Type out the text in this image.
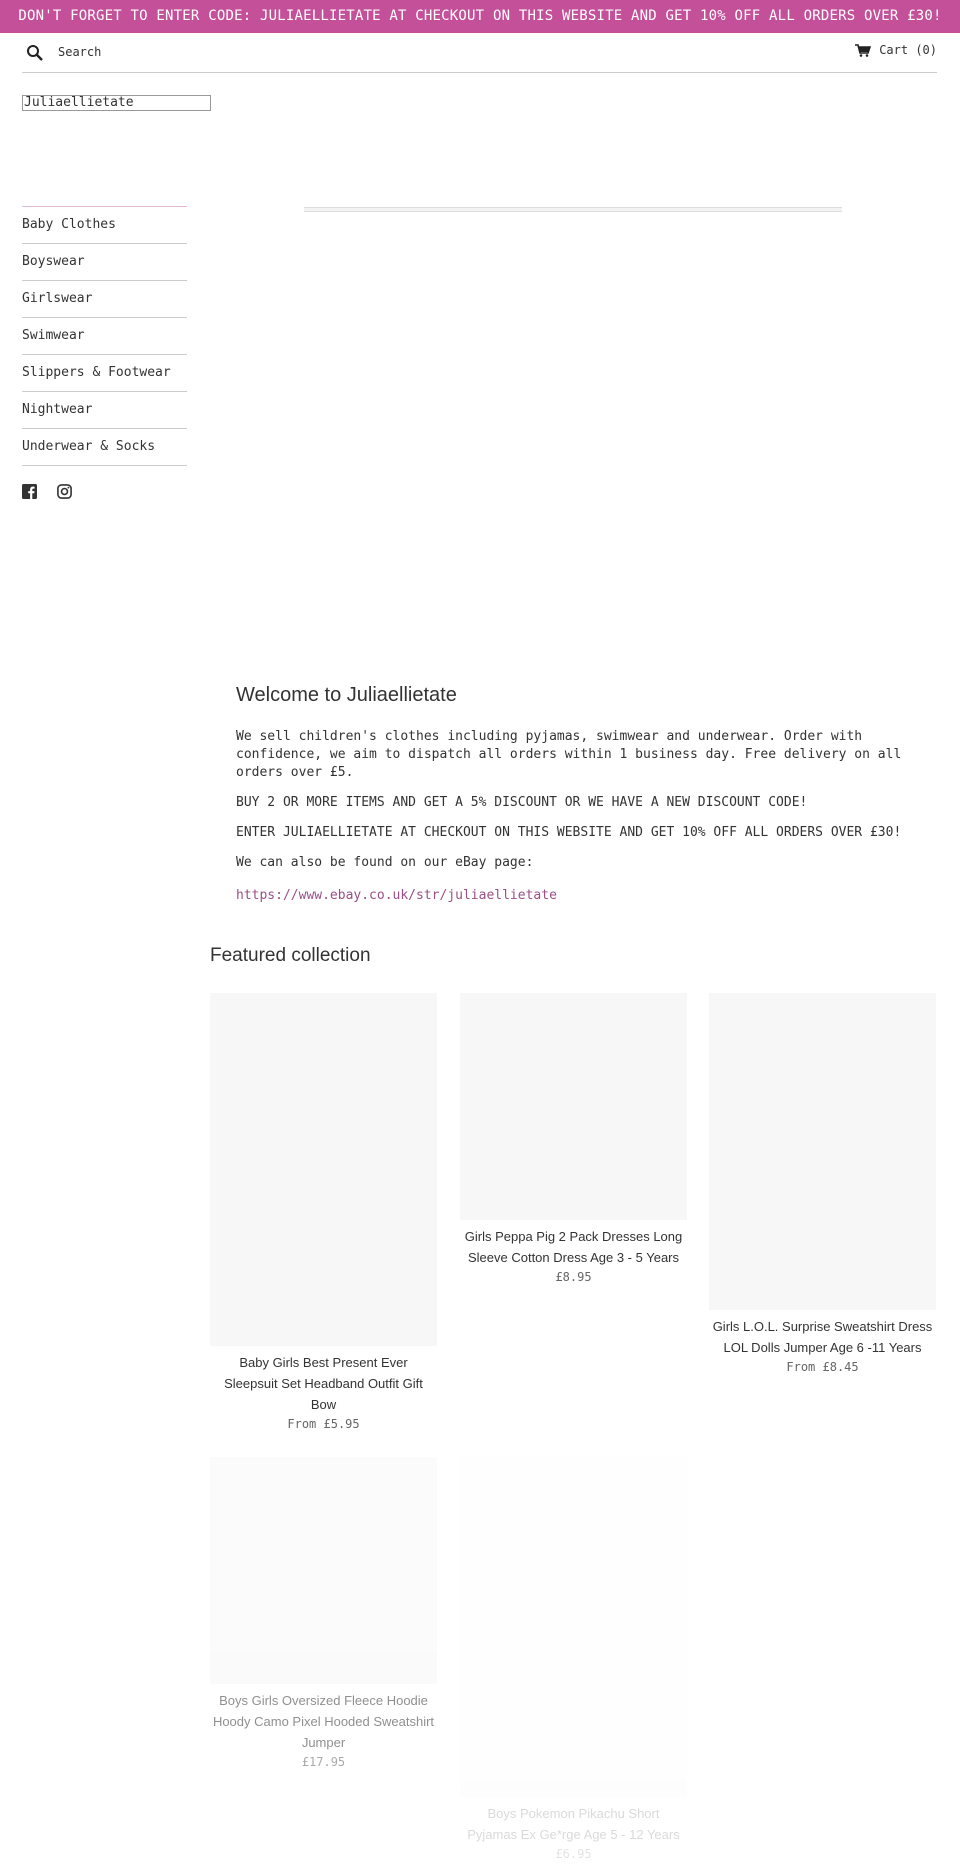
DON'T FORGET TO ENTER CODE: JULIAELLIETATE AT CHECKOUT ON THIS WEBSITE AND GET 10% OFF ALL ORDERS OVER £30!
Search
Cart (0)
Juliaellietate
Baby Clothes
Boyswear
Girlswear
Swimwear
Slippers & Footwear
Nightwear
Underwear & Socks

Welcome to Juliaellietate

We sell children's clothes including pyjamas, swimwear and underwear. Order with confidence, we aim to dispatch all orders within 1 business day. Free delivery on all orders over £5.

BUY 2 OR MORE ITEMS AND GET A 5% DISCOUNT OR WE HAVE A NEW DISCOUNT CODE!

ENTER JULIAELLIETATE AT CHECKOUT ON THIS WEBSITE AND GET 10% OFF ALL ORDERS OVER £30!

We can also be found on our eBay page:

https://www.ebay.co.uk/str/juliaellietate
Featured collection
Baby Girls Best Present Ever Sleepsuit Set Headband Outfit Gift Bow
From £5.95
Girls Peppa Pig 2 Pack Dresses Long Sleeve Cotton Dress Age 3 - 5 Years
£8.95
Girls L.O.L. Surprise Sweatshirt Dress LOL Dolls Jumper Age 6 -11 Years
From £8.45
Boys Girls Oversized Fleece Hoodie Hoody Camo Pixel Hooded Sweatshirt Jumper
£17.95
Boys Pokemon Pikachu Short Pyjamas Ex Ge*rge Age 5 - 12 Years
£6.95
